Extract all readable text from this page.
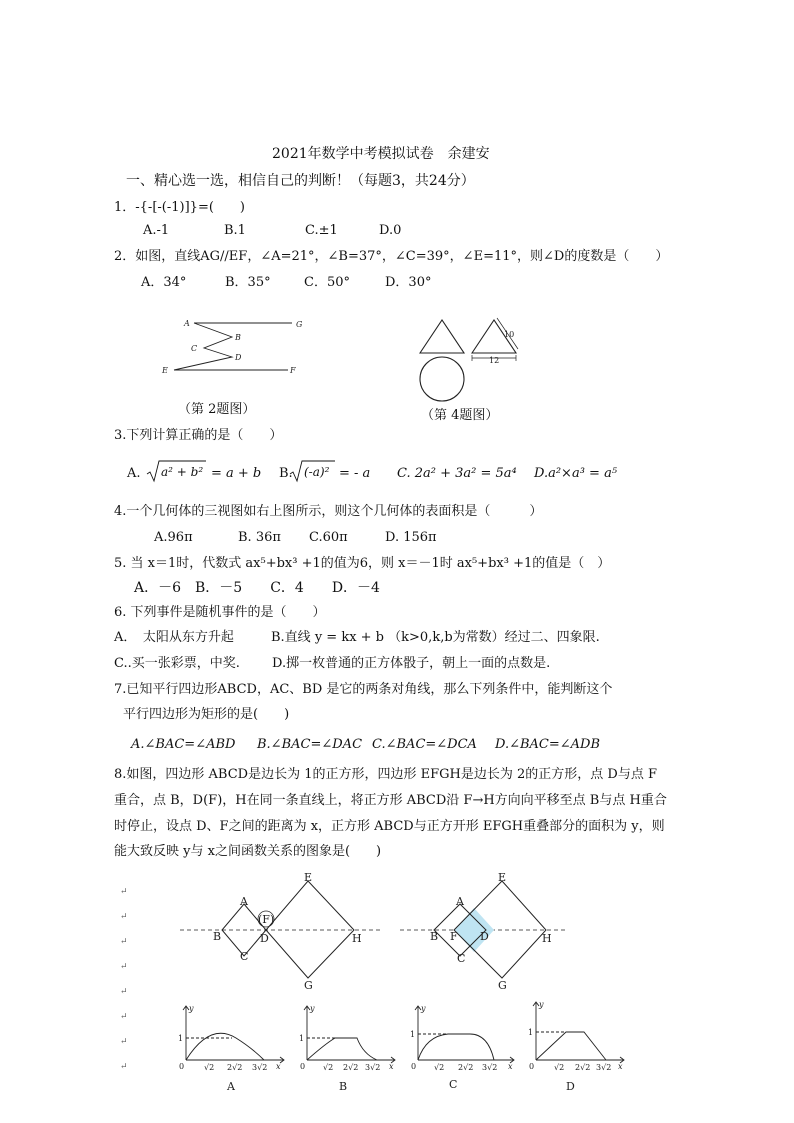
2021年数学中考模拟试卷　余建安
一、精心选一选，相信自己的判断！（每题3，共24分）
1．-{-[-(-1)]}=(　　)
A.-1	B.1	C.±1	D.0
2．如图，直线AG//EF，∠A=21°，∠B=37°，∠C=39°，∠E=11°，则∠D的度数是（　　）
A．34°	B．35°	C．50°	D．30°
A	G
B
C
D
E	F
（第 2题图）
10
12
（第 4题图）
3.下列计算正确的是（　　）
A. a² + b² = a + b B. (-a)² = - a C. 2a² + 3a² = 5a⁴ D.a²×a³ = a⁵
4.一个几何体的三视图如右上图所示，则这个几何体的表面积是（　　　）
A.96π	B. 36π C.60π	D. 156π
5. 当 x＝1时，代数式 ax⁵+bx³ +1的值为6，则 x＝－1时 ax⁵+bx³ +1的值是（　）
A．－6　B．－5　　C．4　　D．－4
6. 下列事件是随机事件的是（　　）
A．　太阳从东方升起	B.直线 y = kx + b （k>0,k,b为常数）经过二、四象限.
C..买一张彩票，中奖. D.掷一枚普通的正方体骰子，朝上一面的点数是.
7.已知平行四边形ABCD，AC、BD 是它的两条对角线，那么下列条件中，能判断这个
平行四边形为矩形的是(　　)
A.∠BAC=∠ABD B.∠BAC=∠DAC C.∠BAC=∠DCA D.∠BAC=∠ADB
8.如图，四边形 ABCD是边长为 1的正方形，四边形 EFGH是边长为 2的正方形，点 D与点 F
重合，点 B，D(F)，H在同一条直线上，将正方形 ABCD沿 F→H方向向平移至点 B与点 H重合
时停止，设点 D、F之间的距离为 x，正方形 ABCD与正方开形 EFGH重叠部分的面积为 y，则
能大致反映 y与 x之间函数关系的图象是(　　)
↵
↵
↵
↵
↵
↵
↵
↵
A
(F)
B	D
C
E
H
G
A
B F D
C
E
H
G
y
1
0 √2 2√2 3√2 x
A
y
1
0 √2 2√2 3√2 x
B
y
1
0 √2 2√2 3√2 x
C
y
1
0 √2 2√2 3√2 x
D
